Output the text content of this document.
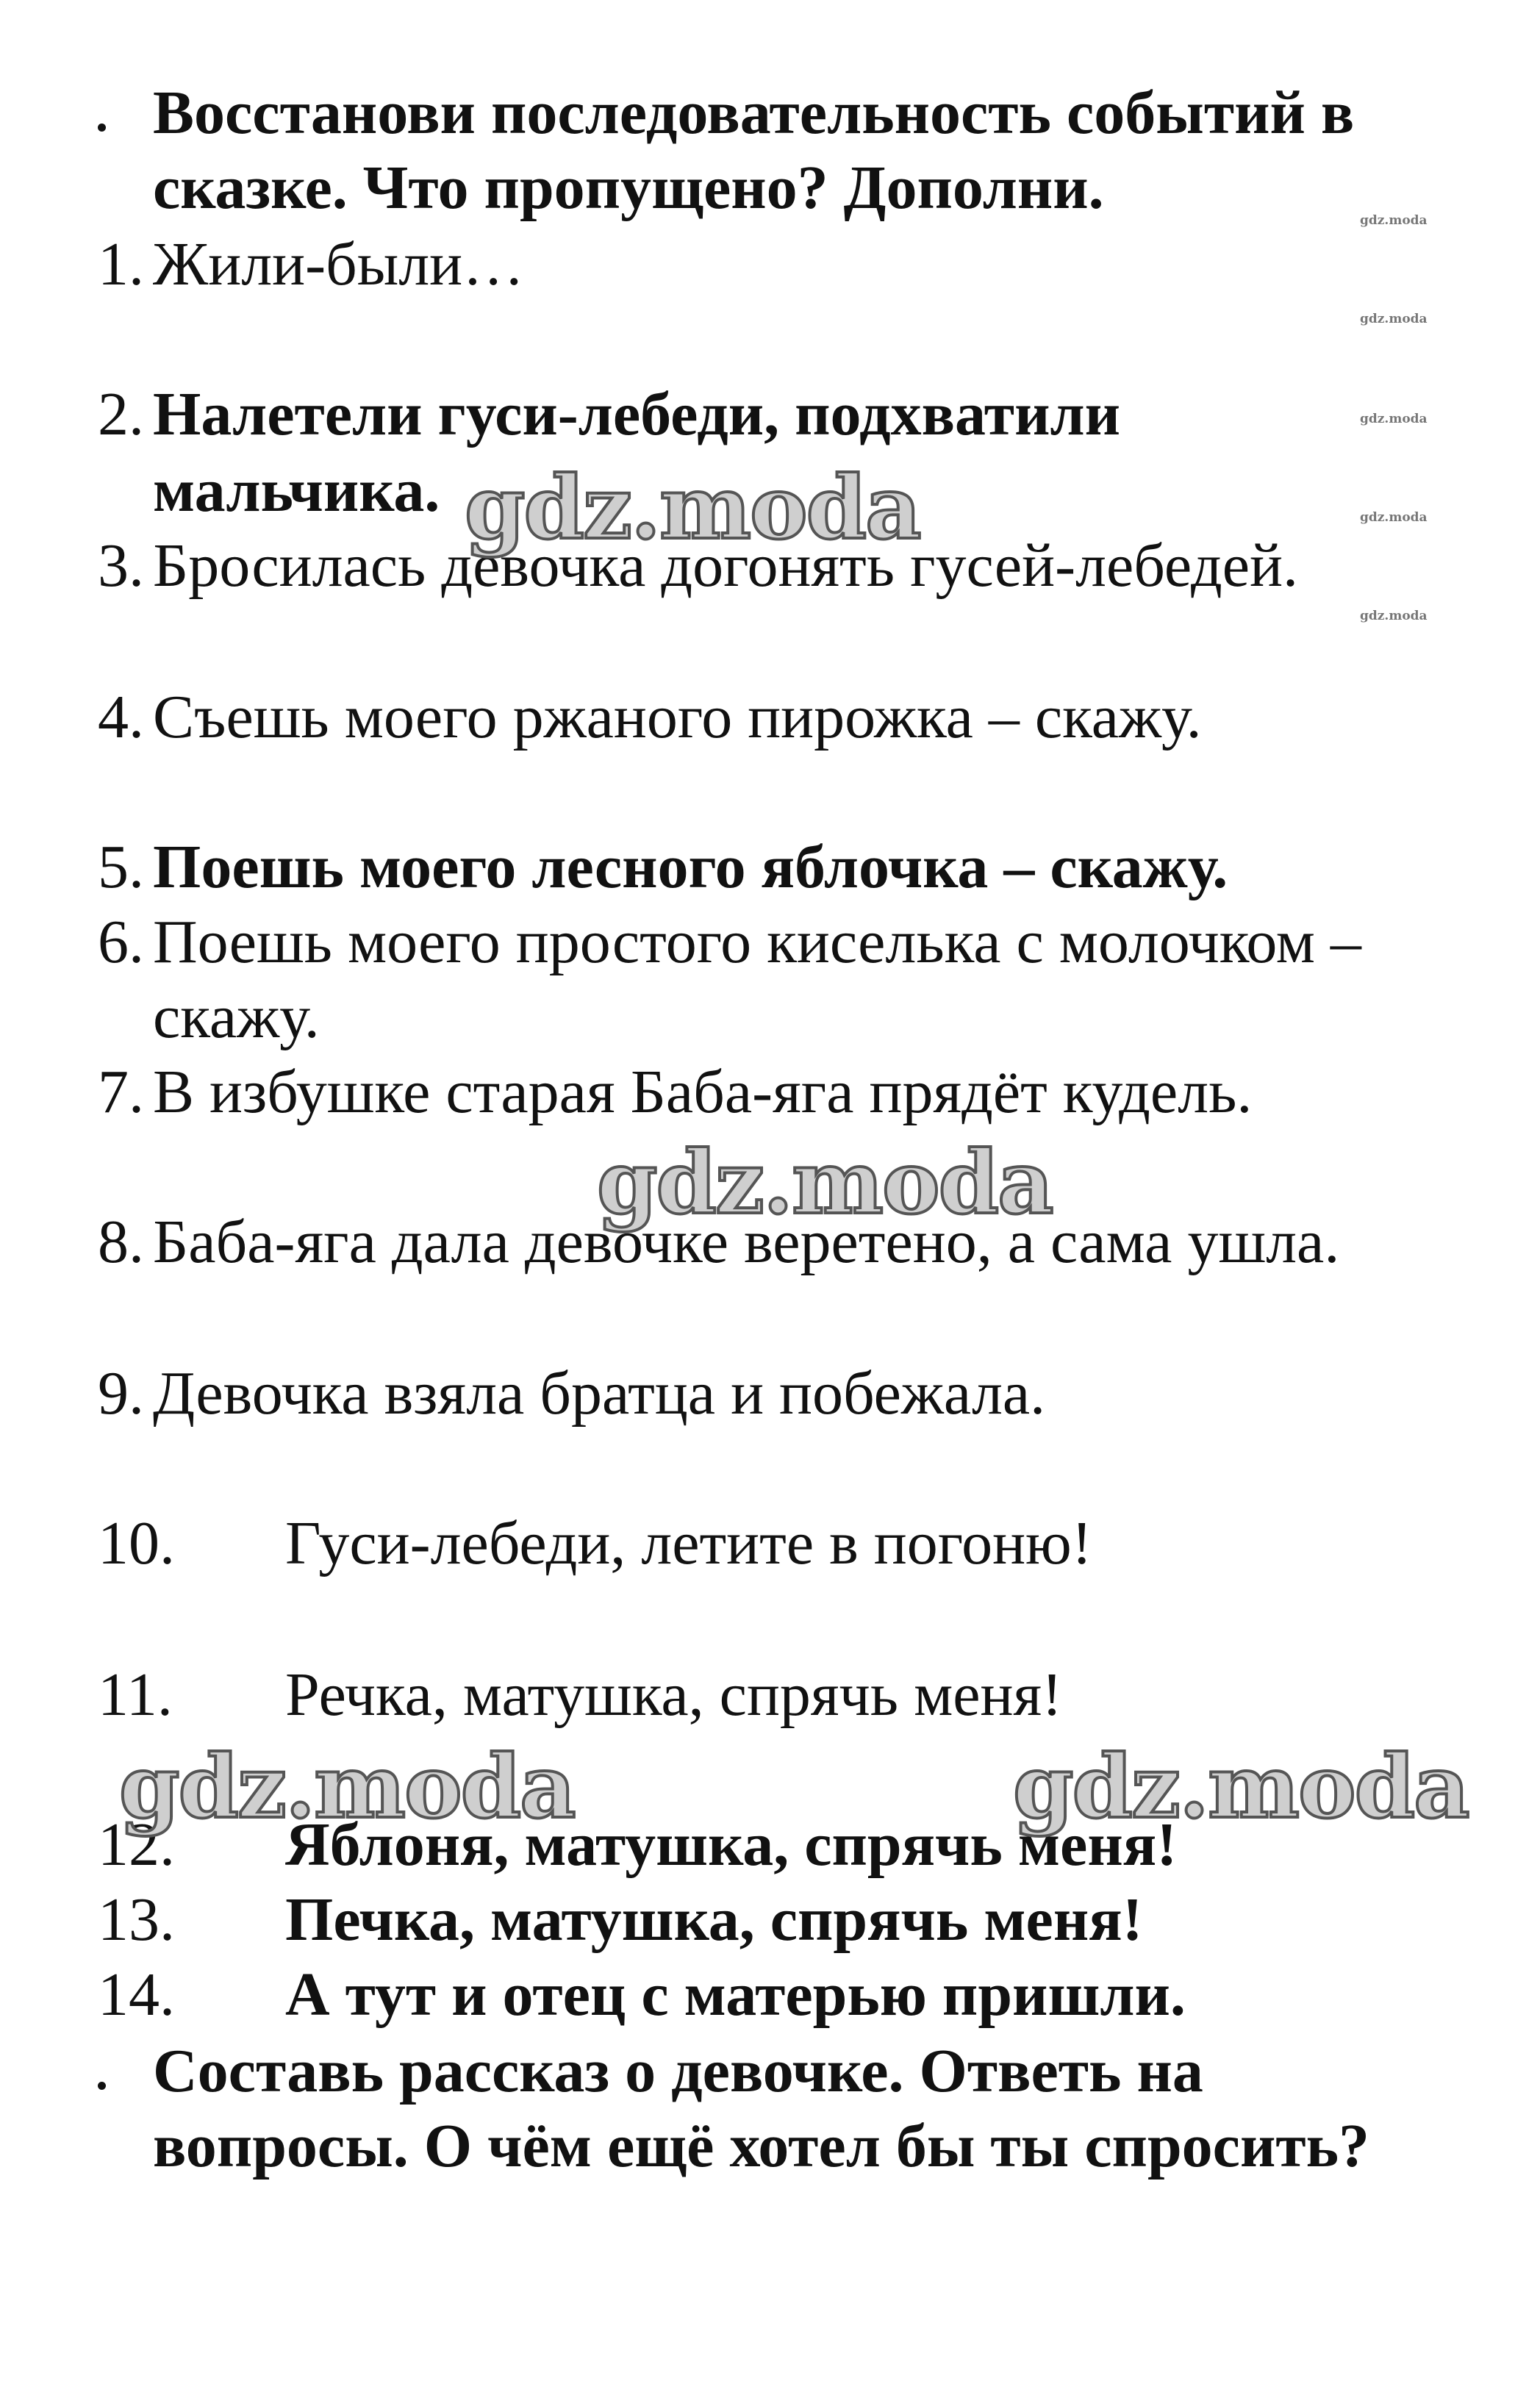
Восстанови последовательность событий в
сказке. Что пропущено? Дополни.
1. Жили-были…
2. Налетели гуси-лебеди, подхватили
мальчика.
3. Бросилась девочка догонять гусей-лебедей.
4. Съешь моего ржаного пирожка – скажу.
5. Поешь моего лесного яблочка – скажу.
6. Поешь моего простого киселька с молочком –
скажу.
7. В избушке старая Баба-яга прядёт кудель.
8. Баба-яга дала девочке веретено, а сама ушла.
9. Девочка взяла братца и побежала.
10. Гуси-лебеди, летите в погоню!
11. Речка, матушка, спрячь меня!
12. Яблоня, матушка, спрячь меня!
13. Печка, матушка, спрячь меня!
14. А тут и отец с матерью пришли.
Составь рассказ о девочке. Ответь на
вопросы. О чём ещё хотел бы ты спросить?
gdz.moda
gdz.moda
gdz.moda	gdz.moda
gdz.moda
gdz.moda
gdz.moda
gdz.moda
gdz.moda
